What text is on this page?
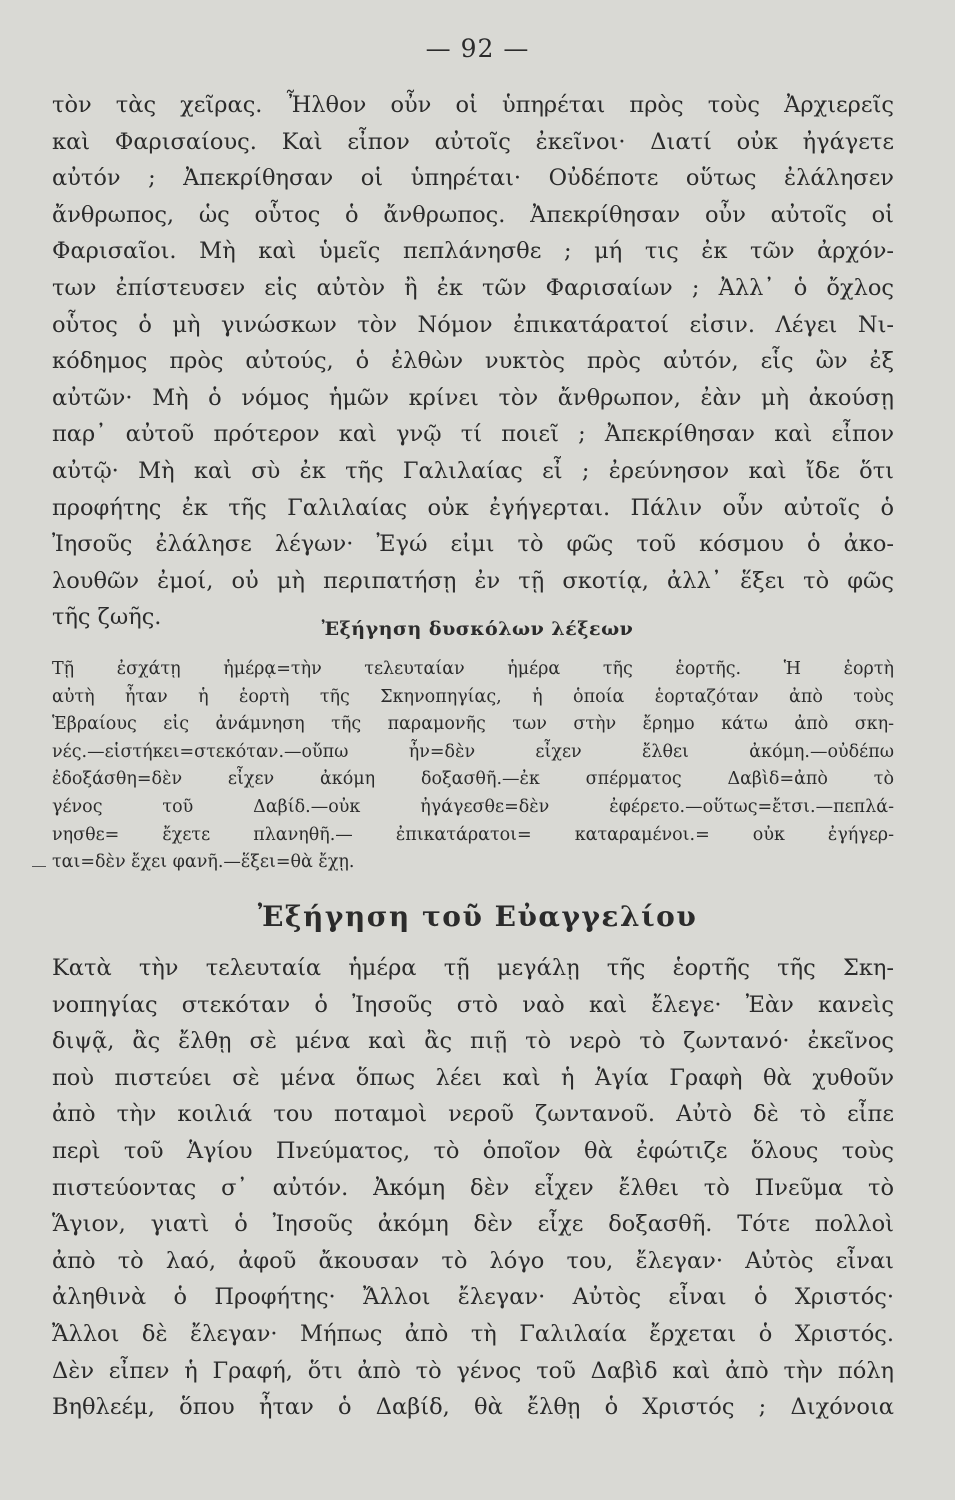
— 92 —
τὸν τὰς χεῖρας. Ἦλθον οὖν οἱ ὑπηρέται πρὸς τοὺς Ἀρχιερεῖς
καὶ Φαρισαίους. Καὶ εἶπον αὐτοῖς ἐκεῖνοι· Διατί οὐκ ἠγάγετε
αὐτόν ; Ἀπεκρίθησαν οἱ ὑπηρέται· Οὐδέποτε οὕτως ἐλάλησεν
ἄνθρωπος, ὡς οὗτος ὁ ἄνθρωπος. Ἀπεκρίθησαν οὖν αὐτοῖς οἱ
Φαρισαῖοι. Μὴ καὶ ὑμεῖς πεπλάνησθε ; μή τις ἐκ τῶν ἀρχόν-
των ἐπίστευσεν εἰς αὐτὸν ἢ ἐκ τῶν Φαρισαίων ; Ἀλλ᾽ ὁ ὄχλος
οὗτος ὁ μὴ γινώσκων τὸν Νόμον ἐπικατάρατοί εἰσιν. Λέγει Νι-
κόδημος πρὸς αὐτούς, ὁ ἐλθὼν νυκτὸς πρὸς αὐτόν, εἷς ὢν ἐξ
αὐτῶν· Μὴ ὁ νόμος ἡμῶν κρίνει τὸν ἄνθρωπον, ἐὰν μὴ ἀκούσῃ
παρ᾽ αὐτοῦ πρότερον καὶ γνῷ τί ποιεῖ ; Ἀπεκρίθησαν καὶ εἶπον
αὐτῷ· Μὴ καὶ σὺ ἐκ τῆς Γαλιλαίας εἶ ; ἐρεύνησον καὶ ἴδε ὅτι
προφήτης ἐκ τῆς Γαλιλαίας οὐκ ἐγήγερται. Πάλιν οὖν αὐτοῖς ὁ
Ἰησοῦς ἐλάλησε λέγων· Ἐγώ εἰμι τὸ φῶς τοῦ κόσμου ὁ ἀκο-
λουθῶν ἐμοί, οὐ μὴ περιπατήσῃ ἐν τῇ σκοτίᾳ, ἀλλ᾽ ἕξει τὸ φῶς
τῆς ζωῆς.	Ἐξήγηση δυσκόλων λέξεων
Τῇ ἐσχάτῃ ἡμέρᾳ=τὴν τελευταίαν ἡμέρα τῆς ἑορτῆς. Ἡ ἑορτὴ
αὐτὴ ἦταν ἡ ἑορτὴ τῆς Σκηνοπηγίας, ἡ ὁποία ἑορταζόταν ἀπὸ τοὺς
Ἑβραίους εἰς ἀνάμνηση τῆς παραμονῆς των στὴν ἔρημο κάτω ἀπὸ σκη-
νές.—εἱστήκει=στεκόταν.—οὔπω ἦν=δὲν εἶχεν ἔλθει ἀκόμη.—οὐδέπω
ἐδοξάσθη=δὲν εἶχεν ἀκόμη δοξασθῆ.—ἐκ σπέρματος Δαβὶδ=ἀπὸ τὸ
γένος τοῦ Δαβίδ.—οὐκ ἠγάγεσθε=δὲν ἐφέρετο.—οὕτως=ἔτσι.—πεπλά-
νησθε= ἔχετε πλανηθῆ.— ἐπικατάρατοι= καταραμένοι.= οὐκ ἐγήγερ-
ται=δὲν ἔχει φανῆ.—ἕξει=θὰ ἔχῃ.
Ἐξήγηση τοῦ Εὐαγγελίου
Κατὰ τὴν τελευταία ἡμέρα τῇ μεγάλῃ τῆς ἑορτῆς τῆς Σκη-
νοπηγίας στεκόταν ὁ Ἰησοῦς στὸ ναὸ καὶ ἔλεγε· Ἐὰν κανεὶς
διψᾷ, ἂς ἔλθῃ σὲ μένα καὶ ἂς πιῇ τὸ νερὸ τὸ ζωντανό· ἐκεῖνος
ποὺ πιστεύει σὲ μένα ὅπως λέει καὶ ἡ Ἁγία Γραφὴ θὰ χυθοῦν
ἀπὸ τὴν κοιλιά του ποταμοὶ νεροῦ ζωντανοῦ. Αὐτὸ δὲ τὸ εἶπε
περὶ τοῦ Ἁγίου Πνεύματος, τὸ ὁποῖον θὰ ἐφώτιζε ὅλους τοὺς
πιστεύοντας σ᾽ αὐτόν. Ἀκόμη δὲν εἶχεν ἔλθει τὸ Πνεῦμα τὸ
Ἅγιον, γιατὶ ὁ Ἰησοῦς ἀκόμη δὲν εἶχε δοξασθῆ. Τότε πολλοὶ
ἀπὸ τὸ λαό, ἀφοῦ ἄκουσαν τὸ λόγο του, ἔλεγαν· Αὐτὸς εἶναι
ἀληθινὰ ὁ Προφήτης· Ἄλλοι ἔλεγαν· Αὐτὸς εἶναι ὁ Χριστός·
Ἄλλοι δὲ ἔλεγαν· Μήπως ἀπὸ τὴ Γαλιλαία ἔρχεται ὁ Χριστός.
Δὲν εἶπεν ἡ Γραφή, ὅτι ἀπὸ τὸ γένος τοῦ Δαβὶδ καὶ ἀπὸ τὴν πόλη
Βηθλεέμ, ὅπου ἦταν ὁ Δαβίδ, θὰ ἔλθῃ ὁ Χριστός ; Διχόνοια
